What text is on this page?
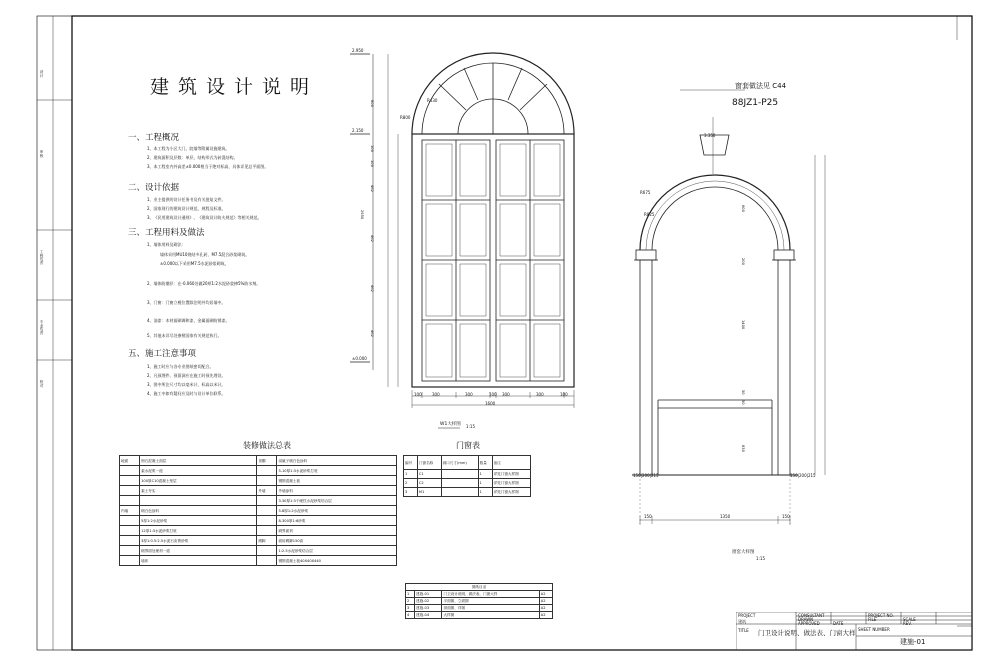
设计
审核
工程负责
专业负责
校对
建筑设计说明
一、工程概况
1、本工程为小区大门、院墙等附属设施建筑。
2、建筑面积及层数：单层，结构形式为砖混结构。
3、本工程室内外高差±0.000相当于绝对标高，具体详见总平面图。
二、设计依据
1、业主提供的设计任务书及有关批复文件。
2、国家现行的建筑设计规范、规程及标准。
3、《民用建筑设计通则》、《建筑设计防火规范》等相关规范。
三、工程用料及做法
1、墙体用料及砌法：
墙体采用MU10烧结多孔砖，M7.5混合砂浆砌筑。
±0.000以下采用M7.5水泥砂浆砌筑。
2、墙体防潮层：在-0.060处做20厚1:2水泥砂浆掺5%防水剂。
3、门窗：门窗立樘位置除注明外均居墙中。
4、油漆：木材面刷调和漆，金属面刷防锈漆。
5、其他未详尽处参照国家有关规范执行。
五、施工注意事项
1、施工时应与各专业图纸密切配合。
2、凡预埋件、预留洞应在施工时预先埋设。
3、图中所注尺寸均以毫米计，标高以米计。
4、施工中如有疑问应及时与设计单位联系。
装修做法总表
地面	细石混凝土面层	顶棚	刮腻子刷白色涂料
	素水泥浆一道		5-10厚1:3水泥砂浆打底
	100厚C10混凝土垫层		钢筋混凝土板
	素土夯实	外墙	外墙涂料
			3.30厚1:3干硬性水泥砂浆结合层
内墙	刷白色涂料		5-8厚1:2水泥砂浆
	5厚1:2水泥砂浆		8-300厚1:6砂浆
	12厚1:3水泥砂浆打底		刷界面剂
	3厚1:0.5:2.5水泥石灰膏砂浆	踢脚	面砖踢脚150高
	刷界面处理剂一道		1:2.5水泥砂浆结合层
	墙体		钢筋混凝土板40X40X440
门窗表
编号	门窗名称	洞口尺寸(mm)	数量	备注
1	C1		1	详见门窗大样图
2	C2		1	详见门窗大样图
3	M1		1	详见门窗大样图
图纸目录			
1	建施-01	门卫设计说明、做法表、门窗大样	A2
2	建施-02	平面图、立面图	A2
3	建施-03	剖面图、详图	A2
4	建施-04	大样图	A2
2.950
2.150
±0.000
R800
R430
800
100
100
462
462
462
462
2950
100	300	300	100 300	300	100
1600
W1大样图 1:15
窗套做法见 C44
88JZ1-P25
3.350
R825
R675
600
200
1400
50
50
830
150|200|215	150|200|215
150	1350	150
窗套大样图
1:15
PROJECT
建筑
TITLE
CONSULTANT
DRAWN
APPROVED	DATE
PROJECT NO.
FILE	SCALE
REV.
门卫设计说明、做法表、门窗大样 SHEET NUMBER
建施-01
